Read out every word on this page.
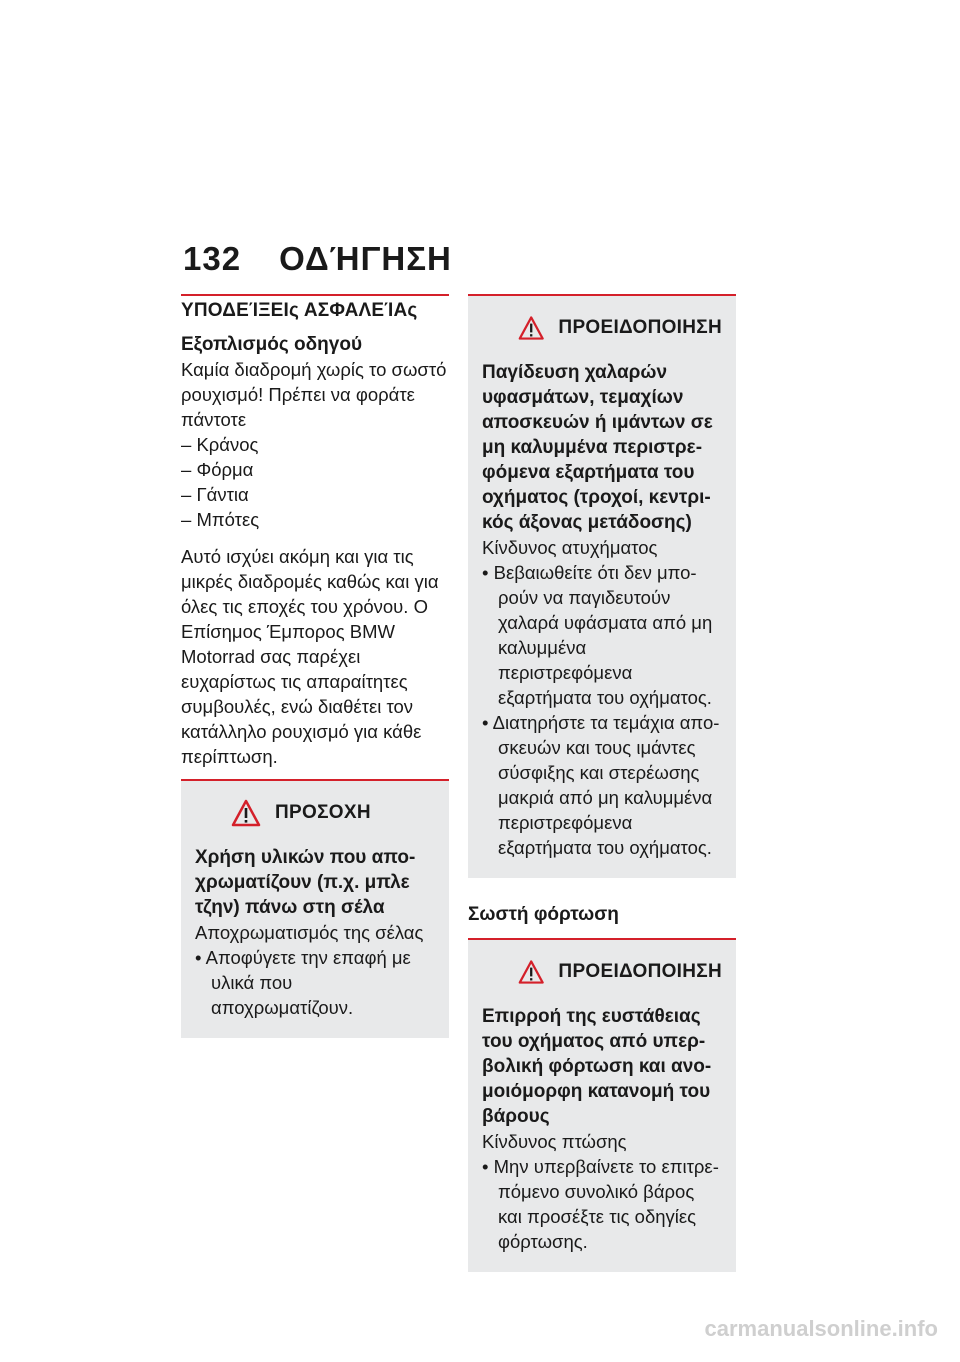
132 ΟΔΉΓΗΣΗ
ΥΠΟΔΕΊΞΕΙς ΑΣΦΑΛΕΊΑς
Εξοπλισμός οδηγού

Καμία διαδρομή χωρίς το σωστό ρουχισμό! Πρέπει να φοράτε πάντοτε

– Κράνος
– Φόρμα
– Γάντια
– Μπότες

Αυτό ισχύει ακόμη και για τις μικρές διαδρομές καθώς και για όλες τις εποχές του χρόνου. Ο Επίσημος Έμπορος BMW Motorrad σας παρέχει ευχαρίστως τις απαραίτητες συμβουλές, ενώ διαθέτει τον κατάλληλο ρουχισμό για κάθε περίπτωση.

ΠΡΟΣΟΧΗ

Χρήση υλικών που αποχρωματίζουν (π.χ. μπλε τζην) πάνω στη σέλα

Αποχρωματισμός της σέλας

• Αποφύγετε την επαφή με υλικά που αποχρωματίζουν.
ΠΡΟΕΙΔΟΠΟΙΗΣΗ

Παγίδευση χαλαρών υφασμάτων, τεμαχίων αποσκευών ή ιμάντων σε μη καλυμμένα περιστρεφόμενα εξαρτήματα του οχήματος (τροχοί, κεντρικός άξονας μετάδοσης)

Κίνδυνος ατυχήματος

• Βεβαιωθείτε ότι δεν μπορούν να παγιδευτούν χαλαρά υφάσματα από μη καλυμμένα περιστρεφόμενα εξαρτήματα του οχήματος.
• Διατηρήστε τα τεμάχια αποσκευών και τους ιμάντες σύσφιξης και στερέωσης μακριά από μη καλυμμένα περιστρεφόμενα εξαρτήματα του οχήματος.
Σωστή φόρτωση
ΠΡΟΕΙΔΟΠΟΙΗΣΗ

Επιρροή της ευστάθειας του οχήματος από υπερβολική φόρτωση και ανομοιόμορφη κατανομή του βάρους

Κίνδυνος πτώσης

• Μην υπερβαίνετε το επιτρεπόμενο συνολικό βάρος και προσέξτε τις οδηγίες φόρτωσης.
carmanualsonline.info
